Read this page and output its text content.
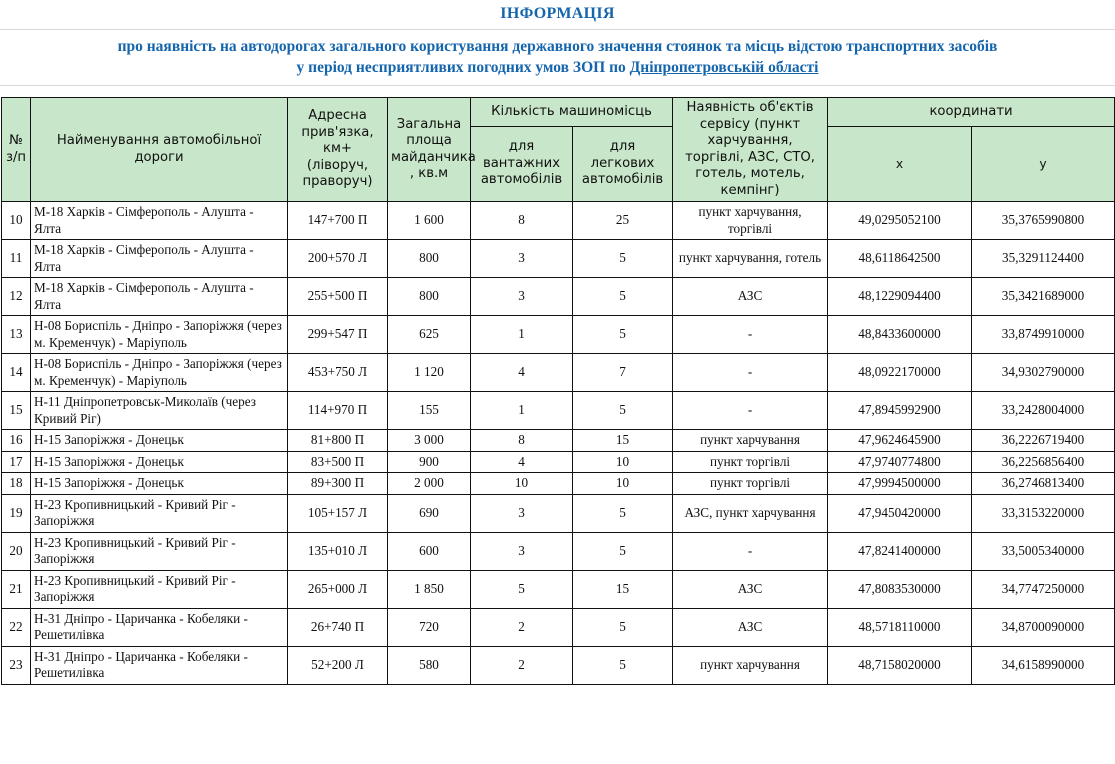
ІНФОРМАЦІЯ
про наявність на автодорогах загального користування державного значення стоянок та місць відстою транспортних засобів
у період несприятливих погодних умов ЗОП по Дніпропетровській області
№
з/п	Найменування автомобільної дороги	Адресна прив'язка, км+ (ліворуч, праворуч)	Загальна площа майданчика , кв.м	Кількість машиномісць		Наявність об'єктів сервісу (пункт харчування, торгівлі, АЗС, СТО, готель, мотель, кемпінг)	координати	
				для вантажних автомобілів	для легкових автомобілів		x	y
10	М-18 Харків - Сімферополь - Алушта - Ялта	147+700 П	1 600	8	25	пункт харчування, торгівлі	49,0295052100	35,3765990800
11	М-18 Харків - Сімферополь - Алушта - Ялта	200+570 Л	800	3	5	пункт харчування, готель	48,6118642500	35,3291124400
12	М-18 Харків - Сімферополь - Алушта - Ялта	255+500 П	800	3	5	АЗС	48,1229094400	35,3421689000
13	Н-08 Бориспіль - Дніпро - Запоріжжя (через м. Кременчук) - Маріуполь	299+547 П	625	1	5	-	48,8433600000	33,8749910000
14	Н-08 Бориспіль - Дніпро - Запоріжжя (через м. Кременчук) - Маріуполь	453+750 Л	1 120	4	7	-	48,0922170000	34,9302790000
15	Н-11 Дніпропетровськ-Миколаїв (через Кривий Ріг)	114+970 П	155	1	5	-	47,8945992900	33,2428004000
16	Н-15 Запоріжжя - Донецьк	81+800 П	3 000	8	15	пункт харчування	47,9624645900	36,2226719400
17	Н-15 Запоріжжя - Донецьк	83+500 П	900	4	10	пункт торгівлі	47,9740774800	36,2256856400
18	Н-15 Запоріжжя - Донецьк	89+300 П	2 000	10	10	пункт торгівлі	47,9994500000	36,2746813400
19	Н-23 Кропивницький - Кривий Ріг - Запоріжжя	105+157 Л	690	3	5	АЗС, пункт харчування	47,9450420000	33,3153220000
20	Н-23 Кропивницький - Кривий Ріг - Запоріжжя	135+010 Л	600	3	5	-	47,8241400000	33,5005340000
21	Н-23 Кропивницький - Кривий Ріг - Запоріжжя	265+000 Л	1 850	5	15	АЗС	47,8083530000	34,7747250000
22	Н-31 Дніпро - Царичанка - Кобеляки - Решетилівка	26+740 П	720	2	5	АЗС	48,5718110000	34,8700090000
23	Н-31 Дніпро - Царичанка - Кобеляки - Решетилівка	52+200 Л	580	2	5	пункт харчування	48,7158020000	34,6158990000
